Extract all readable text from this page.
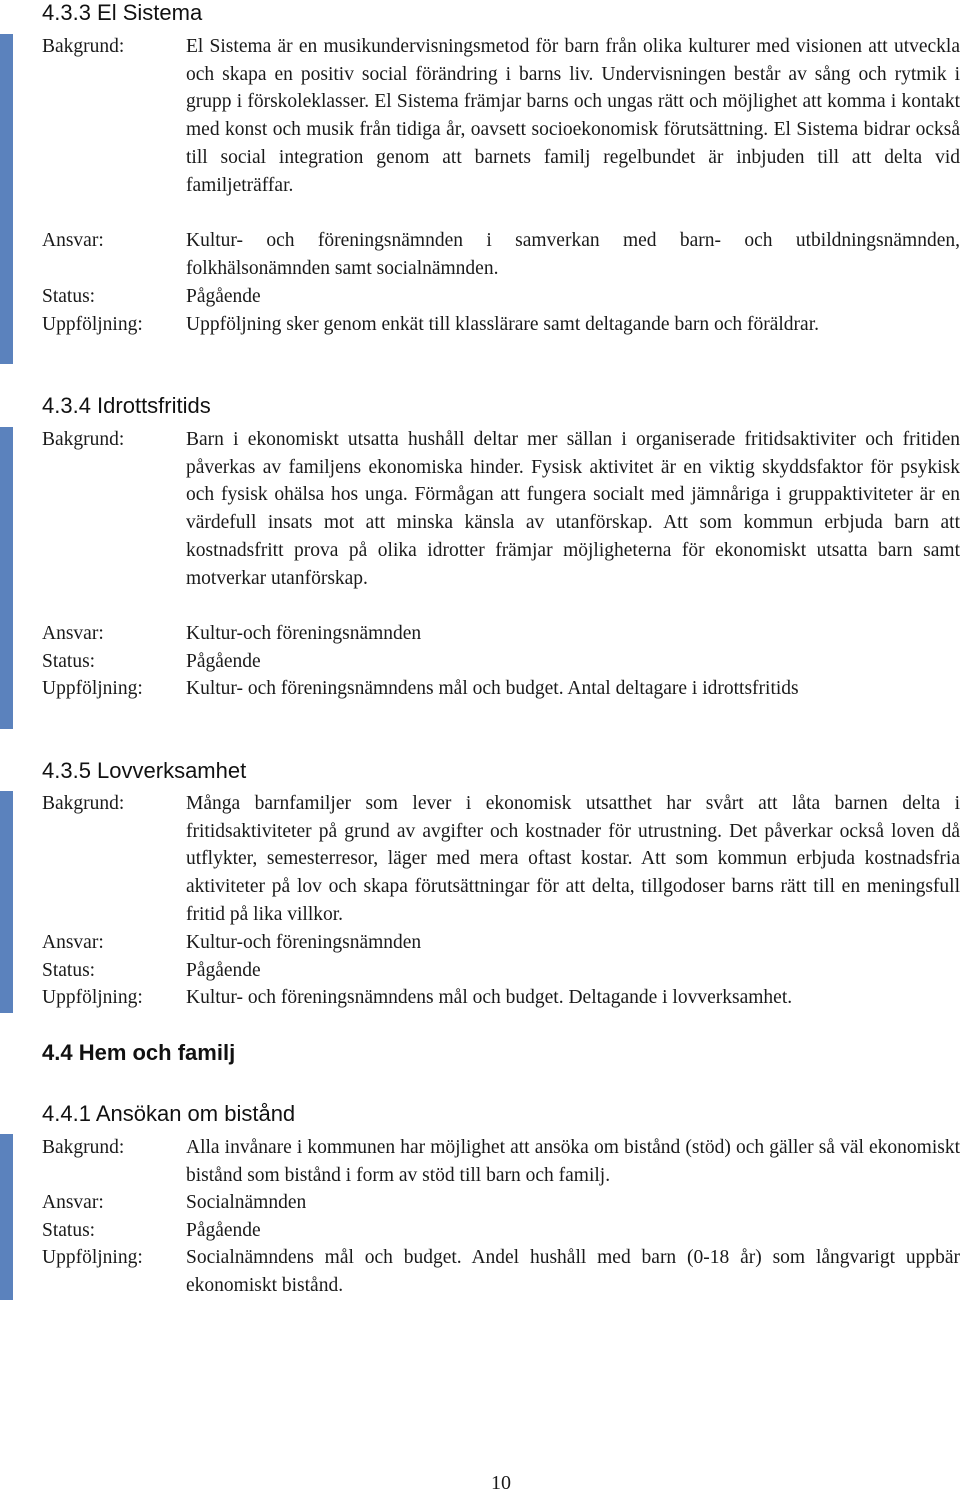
4.3.3 El Sistema
Bakgrund:	El Sistema är en musikundervisningsmetod för barn från olika kulturer med visionen att utveckla och skapa en positiv social förändring i barns liv. Undervisningen består av sång och rytmik i grupp i förskoleklasser. El Sistema främjar barns och ungas rätt och möjlighet att komma i kontakt med konst och musik från tidiga år, oavsett socioekonomisk förutsättning. El Sistema bidrar också till social integration genom att barnets familj regelbundet är inbjuden till att delta vid familjeträffar.
Ansvar:	Kultur- och föreningsnämnden i samverkan med barn- och utbildningsnämnden, folkhälsonämnden samt socialnämnden.
Status:	Pågående
Uppföljning:	Uppföljning sker genom enkät till klasslärare samt deltagande barn och föräldrar.
4.3.4 Idrottsfritids
Bakgrund:	Barn i ekonomiskt utsatta hushåll deltar mer sällan i organiserade fritidsaktiviter och fritiden påverkas av familjens ekonomiska hinder. Fysisk aktivitet är en viktig skyddsfaktor för psykisk och fysisk ohälsa hos unga. Förmågan att fungera socialt med jämnåriga i gruppaktiviteter är en värdefull insats mot att minska känsla av utanförskap. Att som kommun erbjuda barn att kostnadsfritt prova på olika idrotter främjar möjligheterna för ekonomiskt utsatta barn samt motverkar utanförskap.
Ansvar:	Kultur-och föreningsnämnden
Status:	Pågående
Uppföljning:	Kultur- och föreningsnämndens mål och budget. Antal deltagare i idrottsfritids
4.3.5 Lovverksamhet
Bakgrund:	Många barnfamiljer som lever i ekonomisk utsatthet har svårt att låta barnen delta i fritidsaktiviteter på grund av avgifter och kostnader för utrustning. Det påverkar också loven då utflykter, semesterresor, läger med mera oftast kostar. Att som kommun erbjuda kostnadsfria aktiviteter på lov och skapa förutsättningar för att delta, tillgodoser barns rätt till en meningsfull fritid på lika villkor.
Ansvar:	Kultur-och föreningsnämnden
Status:	Pågående
Uppföljning:	Kultur- och föreningsnämndens mål och budget. Deltagande i lovverksamhet.
4.4 Hem och familj
4.4.1 Ansökan om bistånd
Bakgrund:	Alla invånare i kommunen har möjlighet att ansöka om bistånd (stöd) och gäller så väl ekonomiskt bistånd som bistånd i form av stöd till barn och familj.
Ansvar:	Socialnämnden
Status:	Pågående
Uppföljning:	Socialnämndens mål och budget. Andel hushåll med barn (0-18 år) som långvarigt uppbär ekonomiskt bistånd.
10
